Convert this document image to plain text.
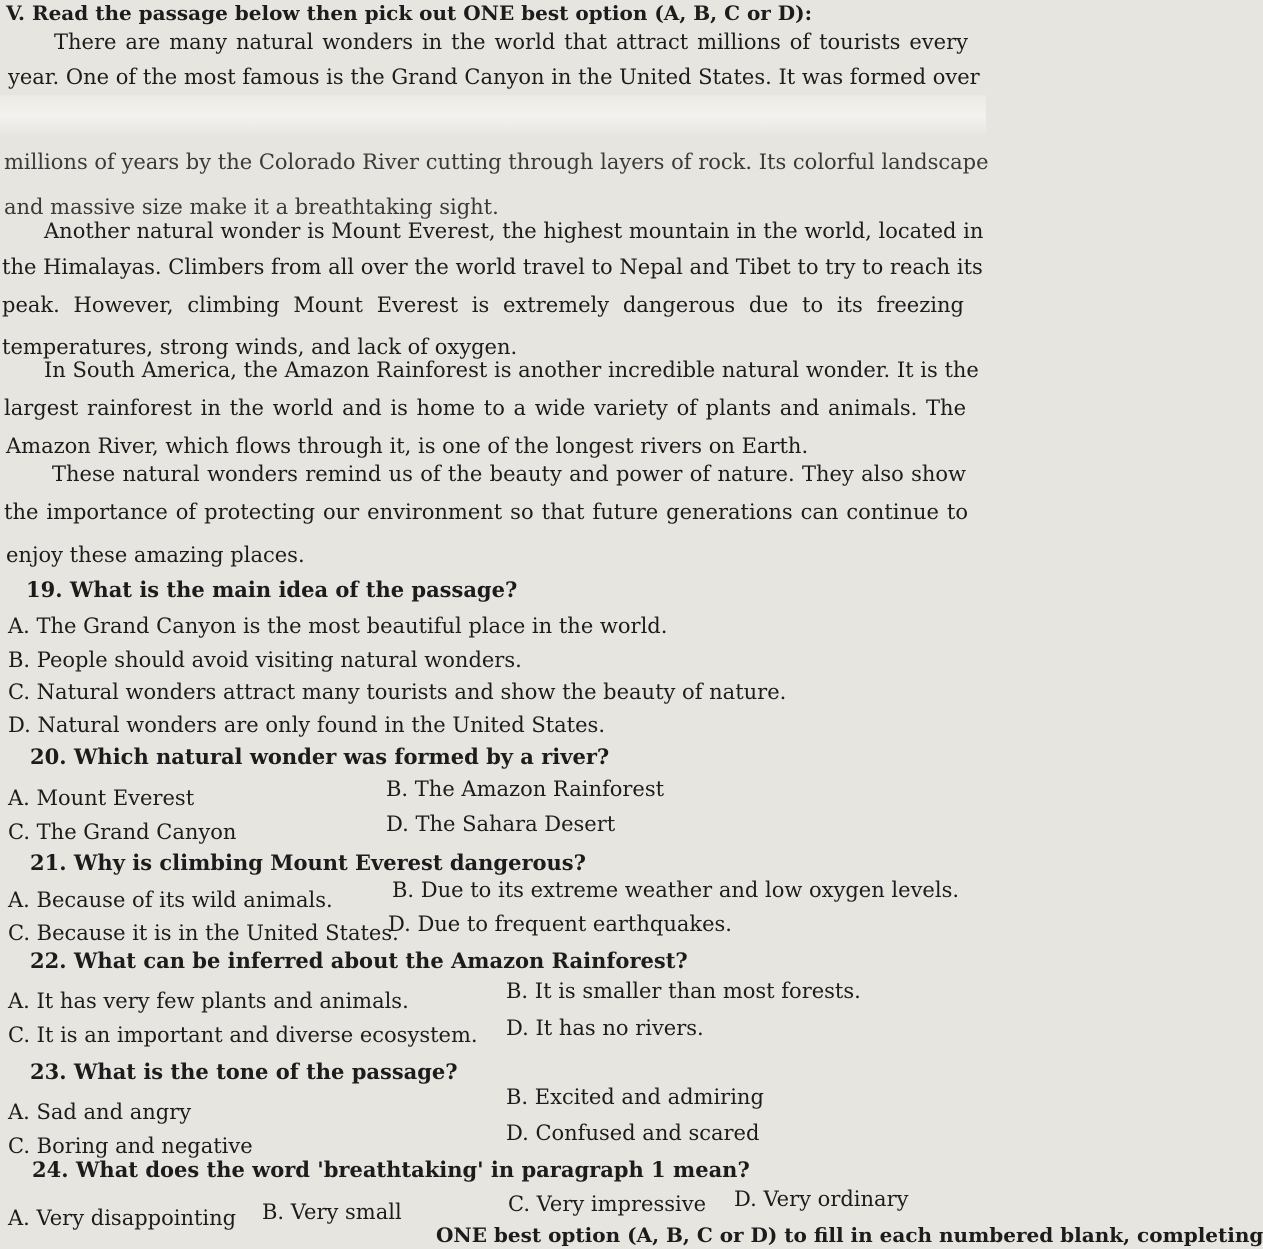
V. Read the passage below then pick out ONE best option (A, B, C or D):
There are many natural wonders in the world that attract millions of tourists every
year. One of the most famous is the Grand Canyon in the United States. It was formed over
millions of years by the Colorado River cutting through layers of rock. Its colorful landscape
and massive size make it a breathtaking sight.
Another natural wonder is Mount Everest, the highest mountain in the world, located in
the Himalayas. Climbers from all over the world travel to Nepal and Tibet to try to reach its
peak. However, climbing Mount Everest is extremely dangerous due to its freezing
temperatures, strong winds, and lack of oxygen.
In South America, the Amazon Rainforest is another incredible natural wonder. It is the
largest rainforest in the world and is home to a wide variety of plants and animals. The
Amazon River, which flows through it, is one of the longest rivers on Earth.
These natural wonders remind us of the beauty and power of nature. They also show
the importance of protecting our environment so that future generations can continue to
enjoy these amazing places.
19. What is the main idea of the passage?
A. The Grand Canyon is the most beautiful place in the world.
B. People should avoid visiting natural wonders.
C. Natural wonders attract many tourists and show the beauty of nature.
D. Natural wonders are only found in the United States.
20. Which natural wonder was formed by a river?
A. Mount Everest	B. The Amazon Rainforest
C. The Grand Canyon	D. The Sahara Desert
21. Why is climbing Mount Everest dangerous?
A. Because of its wild animals.	B. Due to its extreme weather and low oxygen levels.
C. Because it is in the United States.
D. Due to frequent earthquakes.
22. What can be inferred about the Amazon Rainforest?
A. It has very few plants and animals.	B. It is smaller than most forests.
C. It is an important and diverse ecosystem. D. It has no rivers.
23. What is the tone of the passage?
A. Sad and angry
B. Excited and admiring
C. Boring and negative
D. Confused and scared
24. What does the word 'breathtaking' in paragraph 1 mean?
A. Very disappointing B. Very small	C. Very impressive D. Very ordinary
ONE best option (A, B, C or D) to fill in each numbered blank, completing
